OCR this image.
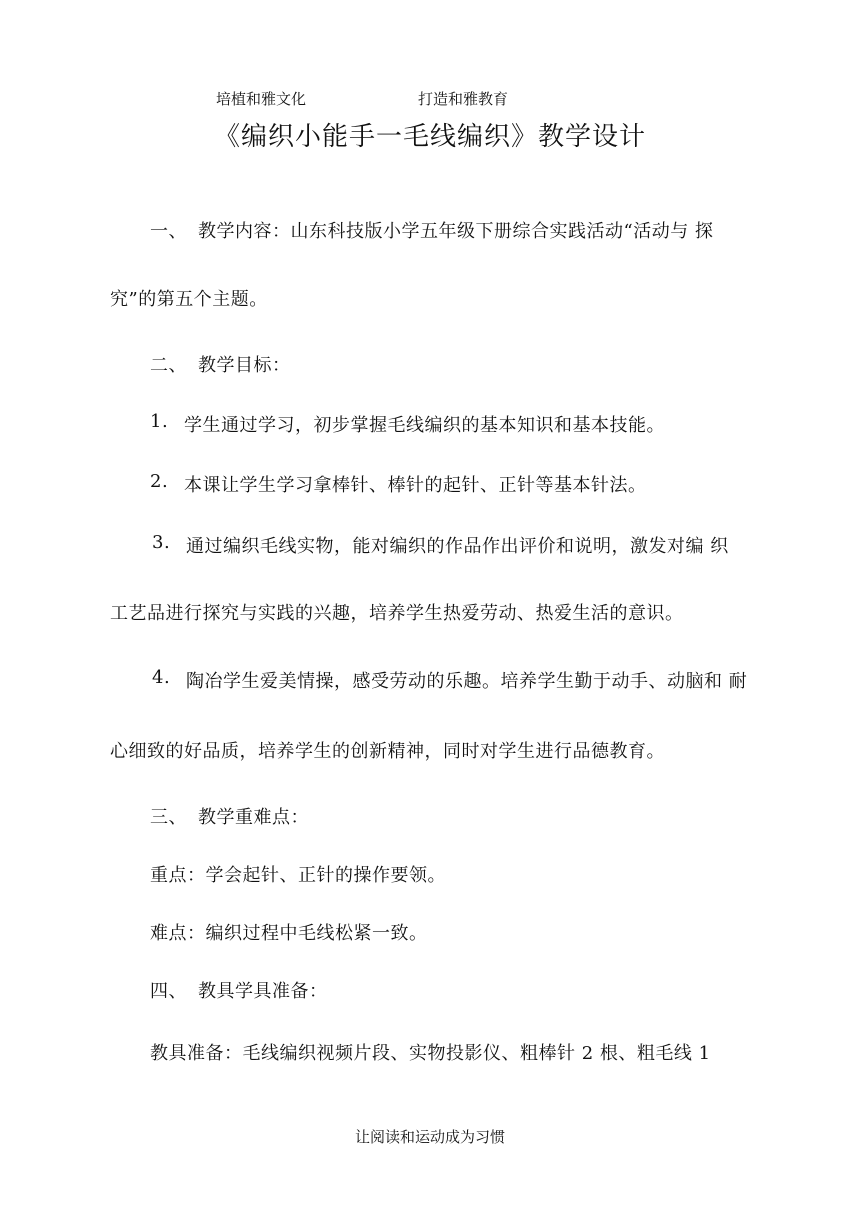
培植和雅文化	打造和雅教育
《编织小能手一毛线编织》教学设计
一、 教学内容：山东科技版小学五年级下册综合实践活动“活动与 探
究”的第五个主题。
二、 教学目标：
1. 学生通过学习，初步掌握毛线编织的基本知识和基本技能。
2. 本课让学生学习拿棒针、棒针的起针、正针等基本针法。
3. 通过编织毛线实物，能对编织的作品作出评价和说明，激发对编 织
工艺品进行探究与实践的兴趣，培养学生热爱劳动、热爱生活的意识。
4. 陶冶学生爱美情操，感受劳动的乐趣。培养学生勤于动手、动脑和 耐
心细致的好品质，培养学生的创新精神，同时对学生进行品德教育。
三、 教学重难点：
重点：学会起针、正针的操作要领。
难点：编织过程中毛线松紧一致。
四、 教具学具准备：
教具准备：毛线编织视频片段、实物投影仪、粗棒针 2 根、粗毛线 1
让阅读和运动成为习惯
